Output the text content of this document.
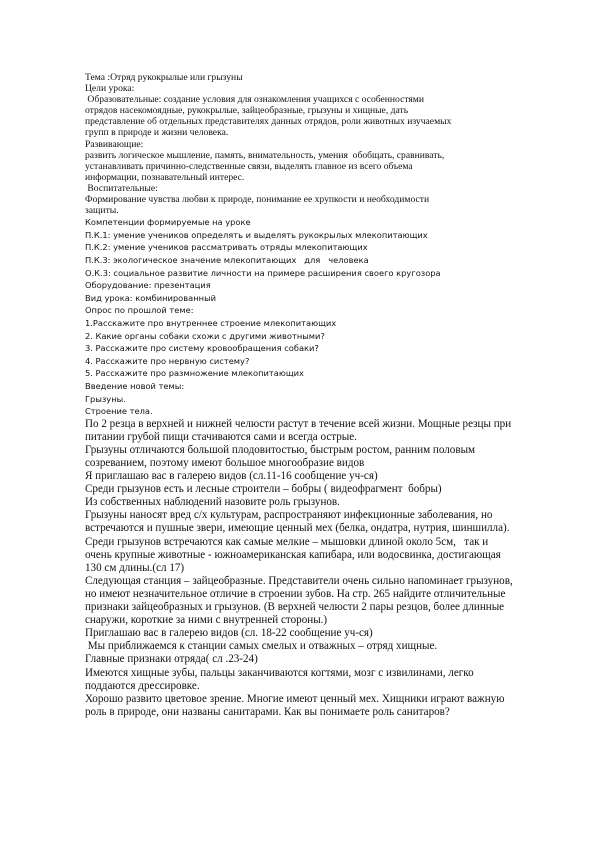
Тема :Отряд рукокрылые или грызуны

Цели урока:

Образовательные: создание условия для ознакомления учащихся с особенностями

отрядов насекомоядные, рукокрылые, зайцеобразные, грызуны и хищные, дать

представление об отдельных представителях данных отрядов, роли животных изучаемых

групп в природе и жизни человека.

Развивающие:

развить логическое мышление, память, внимательность, умения  обобщать, сравнивать,

устанавливать причинно-следственные связи, выделять главное из всего объема

информации, познавательный интерес.

Воспитательные:

Формирование чувства любви к природе, понимание ее хрупкости и необходимости

защиты.

Компетенции формируемые на уроке

П.К.1: умение учеников определять и выделять рукокрылых млекопитающих

П.К.2: умение учеников рассматривать отряды млекопитающих

П.К.3: экологическое значение млекопитающих   для   человека

О.К.3: социальное развитие личности на примере расширения своего кругозора

Оборудование: презентация

Вид урока: комбинированный

Опрос по прошлой теме:

1.Расскажите про внутреннее строение млекопитающих

2. Какие органы собаки схожи с другими животными?

3. Расскажите про систему кровообращения собаки?

4. Расскажите про нервную систему?

5. Расскажите про размножение млекопитающих

Введение новой темы:

Грызуны.

Строение тела.

По 2 резца в верхней и нижней челюсти растут в течение всей жизни. Мощные резцы при

питании грубой пищи стачиваются сами и всегда острые.

Грызуны отличаются большой плодовитостью, быстрым ростом, ранним половым

созреванием, поэтому имеют большое многообразие видов

Я приглашаю вас в галерею видов (сл.11-16 сообщение уч-ся)

Среди грызунов есть и лесные строители – бобры ( видеофрагмент  бобры)

Из собственных наблюдений назовите роль грызунов.

Грызуны наносят вред с/х культурам, распространяют инфекционные заболевания, но

встречаются и пушные звери, имеющие ценный мех (белка, ондатра, нутрия, шиншилла).

Среди грызунов встречаются как самые мелкие – мышовки длиной около 5см,   так и

очень крупные животные - южноамериканская капибара, или водосвинка, достигающая

130 см длины.(сл 17)

Следующая станция – зайцеобразные. Представители очень сильно напоминает грызунов,

но имеют незначительное отличие в строении зубов. На стр. 265 найдите отличительные

признаки зайцеобразных и грызунов. (В верхней челюсти 2 пары резцов, более длинные

снаружи, короткие за ними с внутренней стороны.)

Приглашаю вас в галерею видов (сл. 18-22 сообщение уч-ся)

Мы приближаемся к станции самых смелых и отважных – отряд хищные.

Главные признаки отряда( сл .23-24)

Имеются хищные зубы, пальцы заканчиваются когтями, мозг с извилинами, легко

поддаются дрессировке.

Хорошо развито цветовое зрение. Многие имеют ценный мех. Хищники играют важную

роль в природе, они названы санитарами. Как вы понимаете роль санитаров?
